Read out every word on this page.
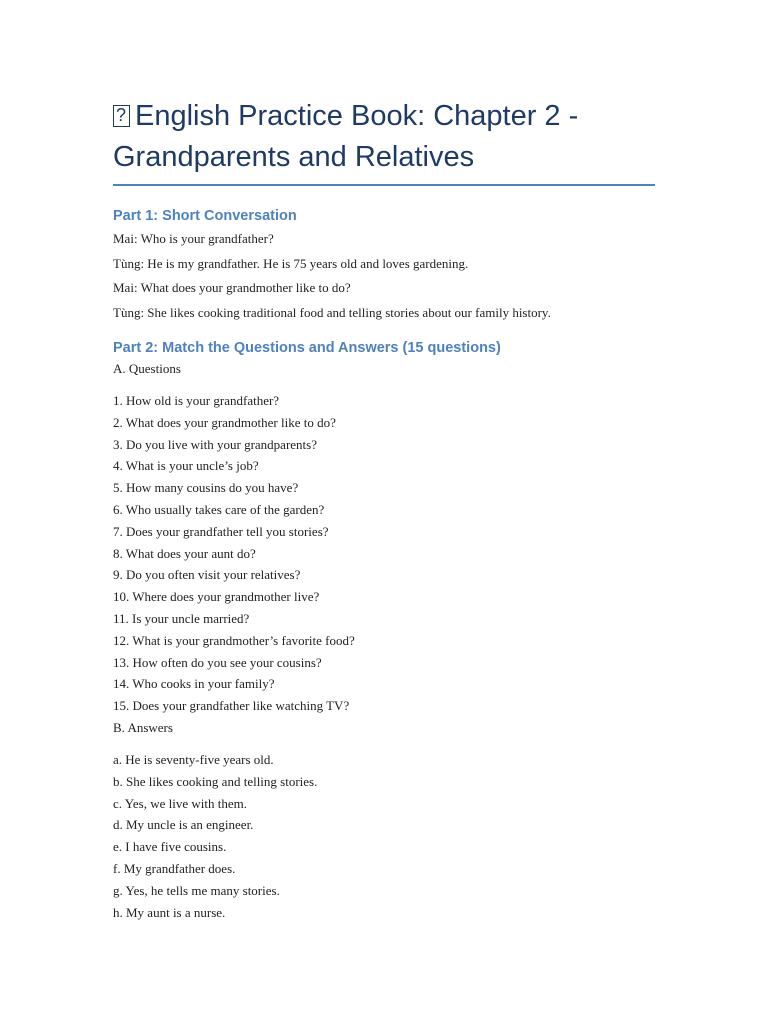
?English Practice Book: Chapter 2 - Grandparents and Relatives
Part 1: Short Conversation

Mai: Who is your grandfather?

Tùng: He is my grandfather. He is 75 years old and loves gardening.

Mai: What does your grandmother like to do?

Tùng: She likes cooking traditional food and telling stories about our family history.

Part 2: Match the Questions and Answers (15 questions)

A. Questions

1. How old is your grandfather?

2. What does your grandmother like to do?

3. Do you live with your grandparents?

4. What is your uncle’s job?

5. How many cousins do you have?

6. Who usually takes care of the garden?

7. Does your grandfather tell you stories?

8. What does your aunt do?

9. Do you often visit your relatives?

10. Where does your grandmother live?

11. Is your uncle married?

12. What is your grandmother’s favorite food?

13. How often do you see your cousins?

14. Who cooks in your family?

15. Does your grandfather like watching TV?

B. Answers

a. He is seventy-five years old.

b. She likes cooking and telling stories.

c. Yes, we live with them.

d. My uncle is an engineer.

e. I have five cousins.

f. My grandfather does.

g. Yes, he tells me many stories.

h. My aunt is a nurse.
